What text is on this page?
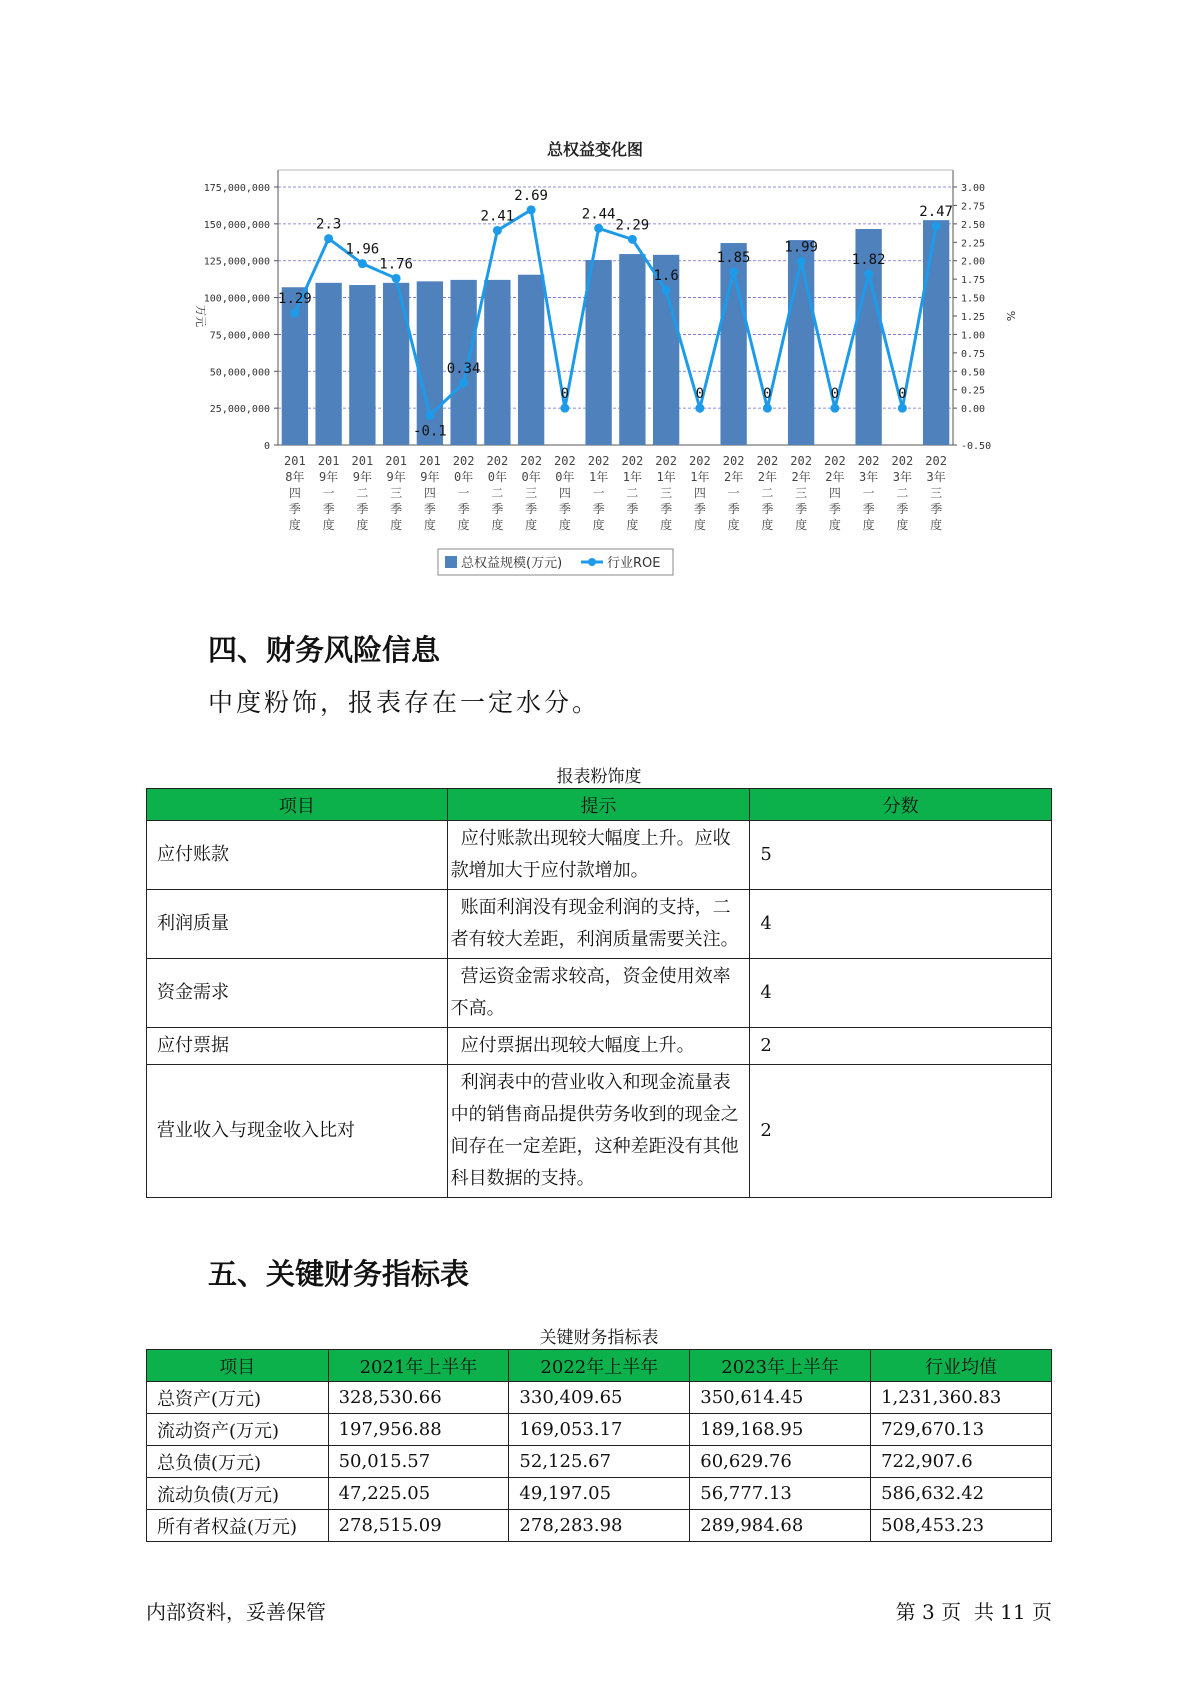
总权益变化图
0
25,000,000
50,000,000
75,000,000
100,000,000
125,000,000
150,000,000
175,000,000
-0.50
0.00
0.25
0.50
0.75
1.00
1.25
1.50
1.75
2.00
2.25
2.50
2.75
3.00
万元	%
1.29
2.3
1.96
1.76
-0.1
0.34
2.41
2.69
0
2.44
2.29
1.6
0
1.85
0
1.99
0
1.82
0
2.47
201 8年四季度
201 9年一季度
201 9年二季度
201 9年三季度
201 9年四季度
202 0年一季度
202 0年二季度
202 0年三季度
202 0年四季度
202 1年一季度
202 1年二季度
202 1年三季度
202 1年四季度
202 2年一季度
202 2年二季度
202 2年三季度
202 2年四季度
202 3年一季度
202 3年二季度
202 3年三季度
总权益规模(万元)	行业ROE
四、财务风险信息

中度粉饰，报表存在一定水分。

报表粉饰度
项目	提示	分数
应付账款	应付账款出现较大幅度上升。应收款增加大于应付款增加。	5
利润质量	账面利润没有现金利润的支持，二者有较大差距，利润质量需要关注。	4
资金需求	营运资金需求较高，资金使用效率不高。	4
应付票据	应付票据出现较大幅度上升。	2
营业收入与现金收入比对	利润表中的营业收入和现金流量表中的销售商品提供劳务收到的现金之间存在一定差距，这种差距没有其他科目数据的支持。	2
五、关键财务指标表
关键财务指标表
项目	2021年上半年	2022年上半年	2023年上半年	行业均值
总资产(万元)	328,530.66	330,409.65	350,614.45	1,231,360.83
流动资产(万元)	197,956.88	169,053.17	189,168.95	729,670.13
总负债(万元)	50,015.57	52,125.67	60,629.76	722,907.6
流动负债(万元)	47,225.05	49,197.05	56,777.13	586,632.42
所有者权益(万元)	278,515.09	278,283.98	289,984.68	508,453.23
内部资料，妥善保管	第 3 页  共 11 页
